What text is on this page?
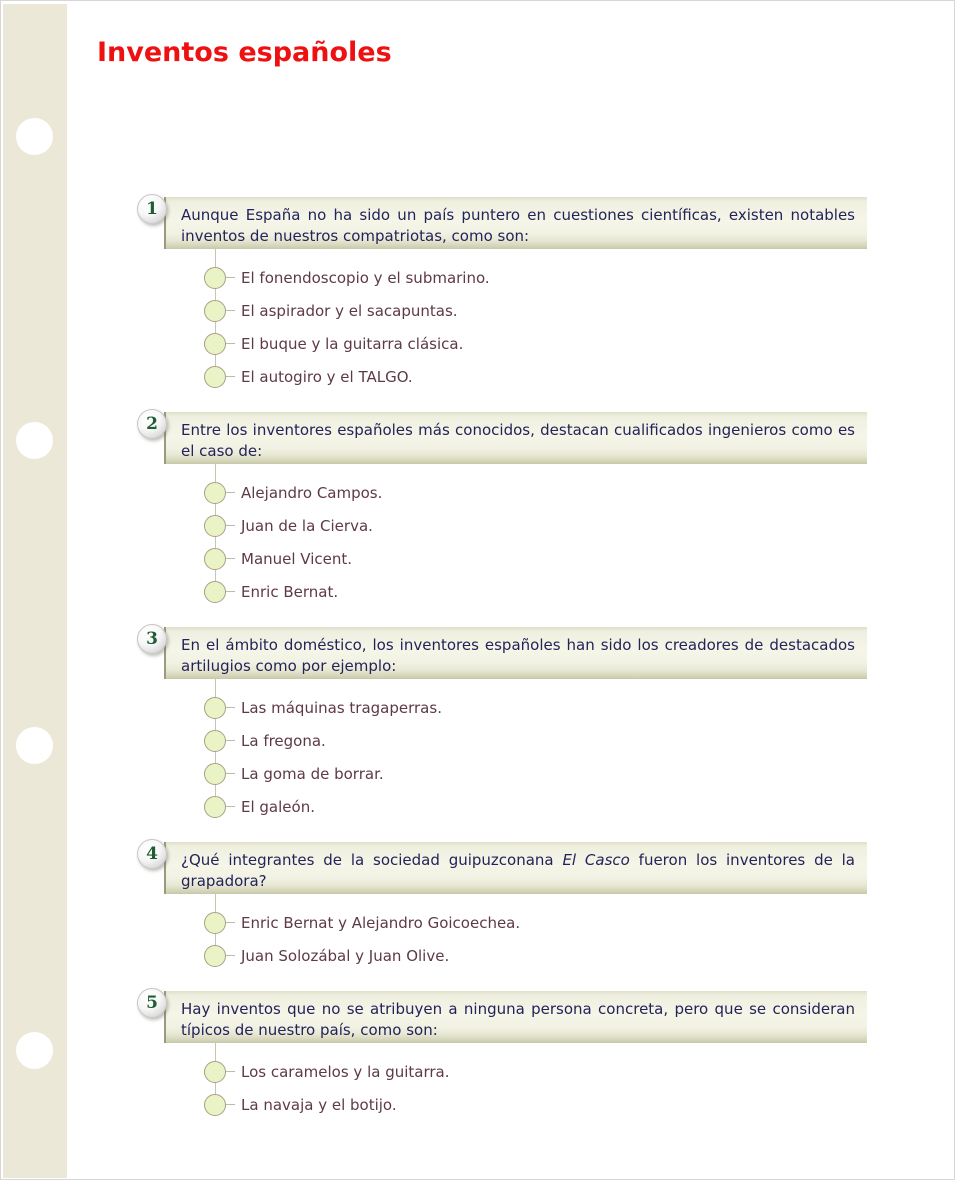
Inventos españoles
1	Aunque España no ha sido un país puntero en cuestiones científicas, existen notables inventos de nuestros compatriotas, como son:
El fonendoscopio y el submarino.
El aspirador y el sacapuntas.
El buque y la guitarra clásica.
El autogiro y el TALGO.
2	Entre los inventores españoles más conocidos, destacan cualificados ingenieros como es el caso de:
Alejandro Campos.
Juan de la Cierva.
Manuel Vicent.
Enric Bernat.
3	En el ámbito doméstico, los inventores españoles han sido los creadores de destacados artilugios como por ejemplo:
Las máquinas tragaperras.
La fregona.
La goma de borrar.
El galeón.
4	¿Qué integrantes de la sociedad guipuzconana El Casco fueron los inventores de la grapadora?
Enric Bernat y Alejandro Goicoechea.
Juan Solozábal y Juan Olive.
5	Hay inventos que no se atribuyen a ninguna persona concreta, pero que se consideran típicos de nuestro país, como son:
Los caramelos y la guitarra.
La navaja y el botijo.
